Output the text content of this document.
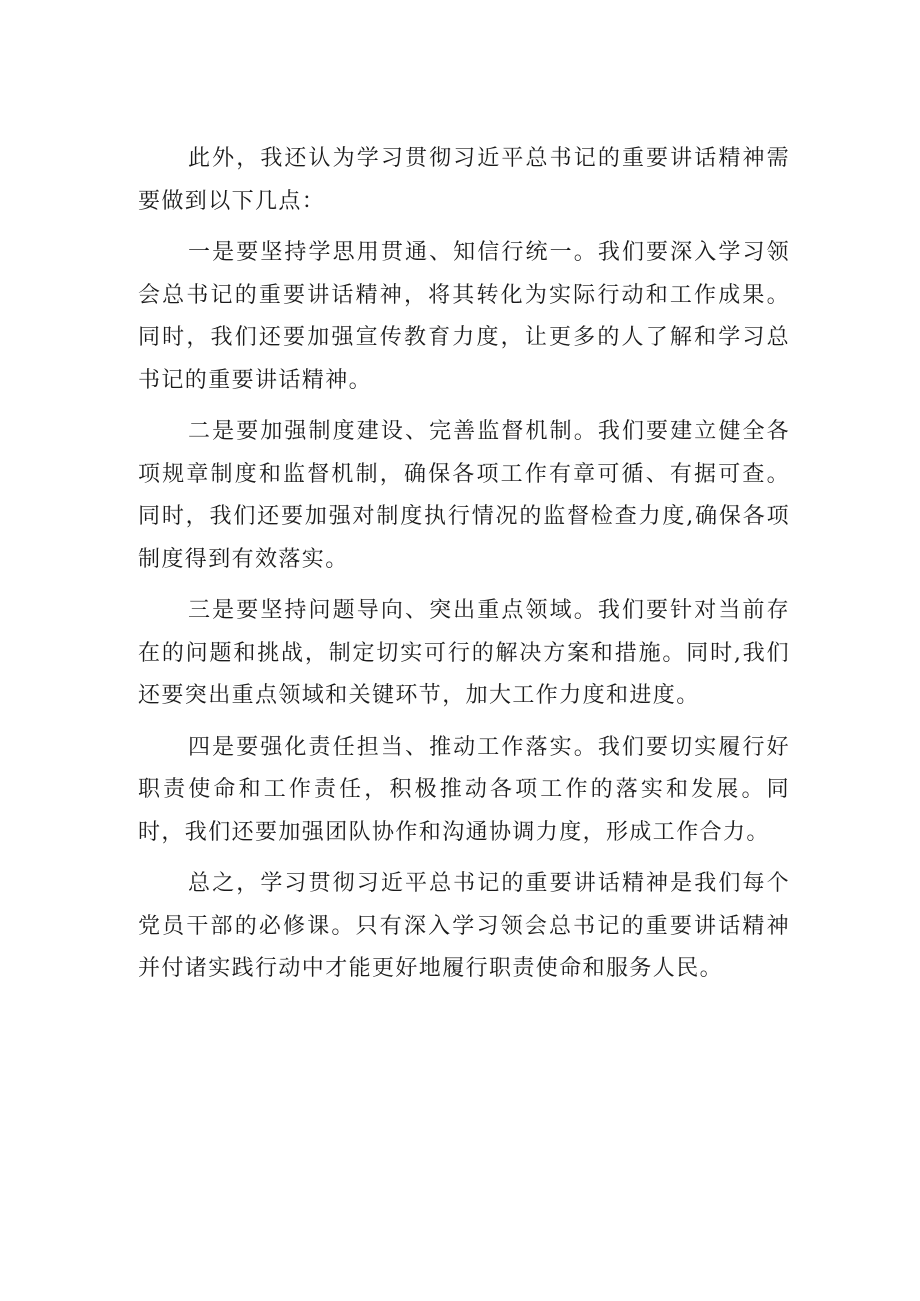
此外，我还认为学习贯彻习近平总书记的重要讲话精神需要做到以下几点：

一是要坚持学思用贯通、知信行统一。我们要深入学习领会总书记的重要讲话精神，将其转化为实际行动和工作成果。同时，我们还要加强宣传教育力度，让更多的人了解和学习总书记的重要讲话精神。

二是要加强制度建设、完善监督机制。我们要建立健全各项规章制度和监督机制，确保各项工作有章可循、有据可查。同时，我们还要加强对制度执行情况的监督检查力度,确保各项制度得到有效落实。

三是要坚持问题导向、突出重点领域。我们要针对当前存在的问题和挑战，制定切实可行的解决方案和措施。同时,我们还要突出重点领域和关键环节，加大工作力度和进度。

四是要强化责任担当、推动工作落实。我们要切实履行好职责使命和工作责任，积极推动各项工作的落实和发展。同时，我们还要加强团队协作和沟通协调力度，形成工作合力。

总之，学习贯彻习近平总书记的重要讲话精神是我们每个党员干部的必修课。只有深入学习领会总书记的重要讲话精神并付诸实践行动中才能更好地履行职责使命和服务人民。
